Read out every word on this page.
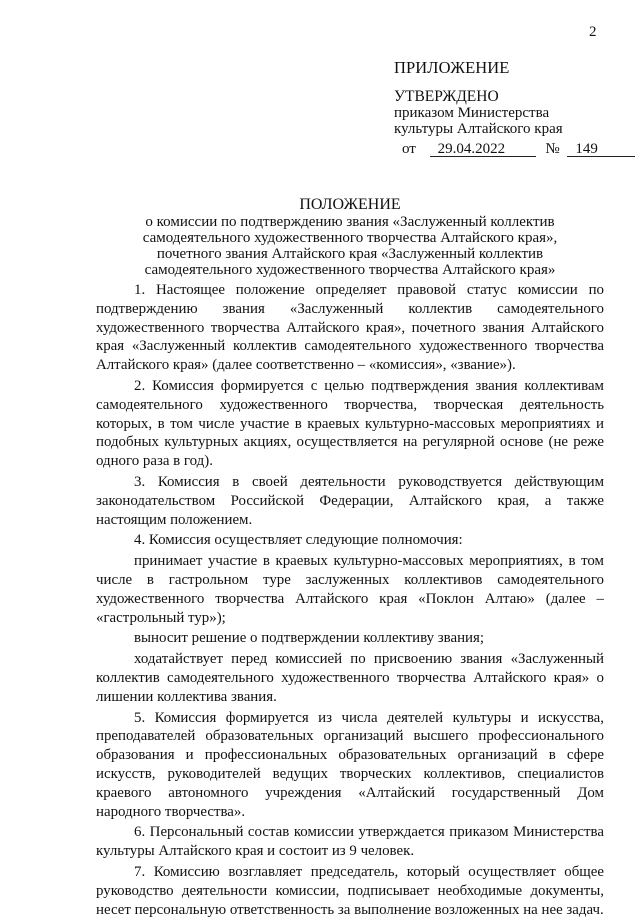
2
ПРИЛОЖЕНИЕ
УТВЕРЖДЕНО
приказом Министерства
культуры Алтайского края
от 29.04.2022	№ 149
ПОЛОЖЕНИЕ
о комиссии по подтверждению звания «Заслуженный коллектив
самодеятельного художественного творчества Алтайского края»,
почетного звания Алтайского края «Заслуженный коллектив
самодеятельного художественного творчества Алтайского края»

1. Настоящее положение определяет правовой статус комиссии по подтверждению звания «Заслуженный коллектив самодеятельного художественного творчества Алтайского края», почетного звания Алтайского края «Заслуженный коллектив самодеятельного художественного творчества Алтайского края» (далее соответственно – «комиссия», «звание»).

2. Комиссия формируется с целью подтверждения звания коллективам самодеятельного художественного творчества, творческая деятельность которых, в том числе участие в краевых культурно-массовых мероприятиях и подобных культурных акциях, осуществляется на регулярной основе (не реже одного раза в год).

3. Комиссия в своей деятельности руководствуется действующим законодательством Российской Федерации, Алтайского края, а также настоящим положением.

4. Комиссия осуществляет следующие полномочия:

принимает участие в краевых культурно-массовых мероприятиях, в том числе в гастрольном туре заслуженных коллективов самодеятельного художественного творчества Алтайского края «Поклон Алтаю» (далее – «гастрольный тур»);

выносит решение о подтверждении коллективу звания;

ходатайствует перед комиссией по присвоению звания «Заслуженный коллектив самодеятельного художественного творчества Алтайского края» о лишении коллектива звания.

5. Комиссия формируется из числа деятелей культуры и искусства, преподавателей образовательных организаций высшего профессионального образования и профессиональных образовательных организаций в сфере искусств, руководителей ведущих творческих коллективов, специалистов краевого автономного учреждения «Алтайский государственный Дом народного творчества».

6. Персональный состав комиссии утверждается приказом Министерства культуры Алтайского края и состоит из 9 человек.

7. Комиссию возглавляет председатель, который осуществляет общее руководство деятельности комиссии, подписывает необходимые документы, несет персональную ответственность за выполнение возложенных на нее задач.
